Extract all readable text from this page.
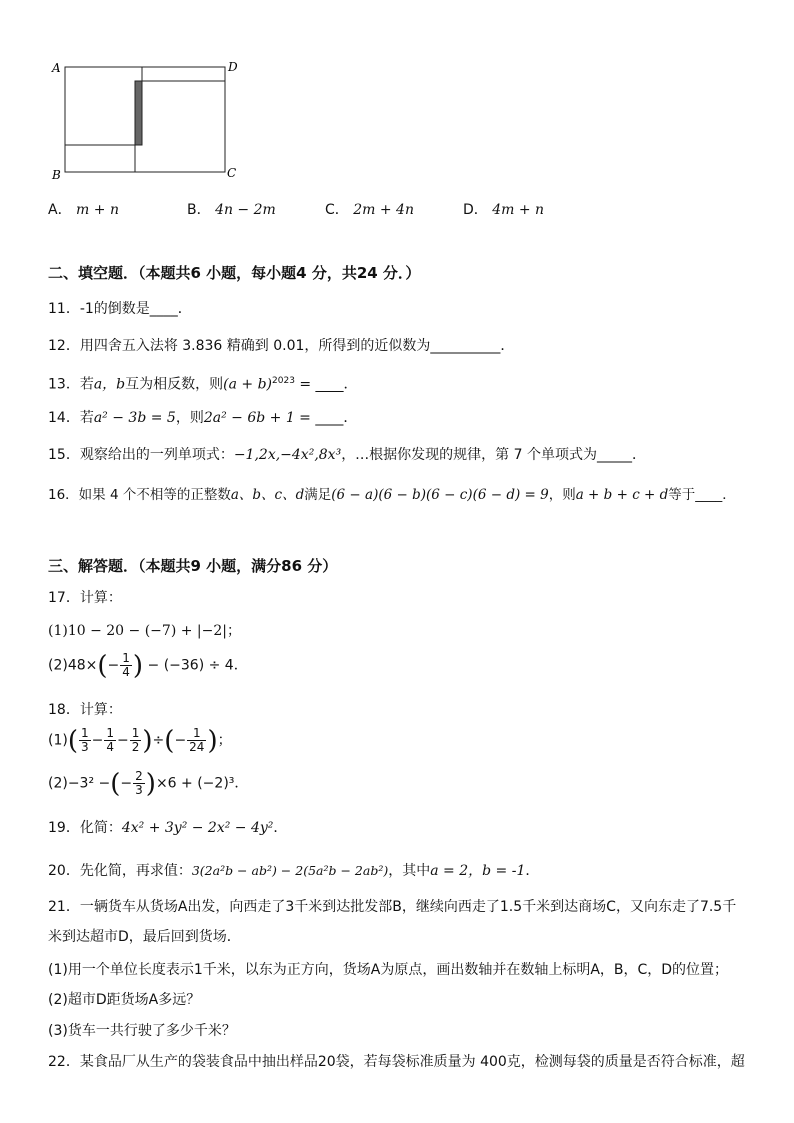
A	D
B	C
A． m + n	B． 4n − 2m	C． 2m + 4n	D． 4m + n
二、填空题．（本题共6 小题，每小题4 分，共24 分．）
11．-1的倒数是____．
12．用四舍五入法将 3.836 精确到 0.01，所得到的近似数为__________．
13．若a，b互为相反数，则$(a + b)^{2023}$ = ____．
14．若a² − 3b = 5，则2a² − 6b + 1 = ____．
15．观察给出的一列单项式：−1,2x,−4x²,8x³，…根据你发现的规律，第 7 个单项式为_____．
16．如果 4 个不相等的正整数a、b、c、d满足(6 − a)(6 − b)(6 − c)(6 − d) = 9，则a + b + c + d等于____．
三、解答题．（本题共9 小题，满分86 分）
17．计算：
(1)10 − 20 − (−7) + |−2|；
$(2)48\times(- \frac{1}{4}$ ) − (−36) ÷ 4．
18．计算：
$(1)( \frac{1}{3} - \frac{1}{4} - \frac{1}{2}$ )÷(− $\frac{1}{24}$ )；
(2)−3² −(− $\frac{2}{3} )\times 6 + (-2)^3$．
19．化简：4x² + 3y² − 2x² − 4y²．
20．先化简，再求值：3(2a²b − ab²) − 2(5a²b − 2ab²)，其中a = 2，b = -1．
21．一辆货车从货场A出发，向西走了3千米到达批发部B，继续向西走了1.5千米到达商场C，又向东走了7.5千
米到达超市D，最后回到货场．
(1)用一个单位长度表示1千米，以东为正方向，货场A为原点，画出数轴并在数轴上标明A，B，C，D的位置；
(2)超市D距货场A多远？
(3)货车一共行驶了多少千米？
22．某食品厂从生产的袋装食品中抽出样品20袋，若每袋标准质量为 400克，检测每袋的质量是否符合标准，超
